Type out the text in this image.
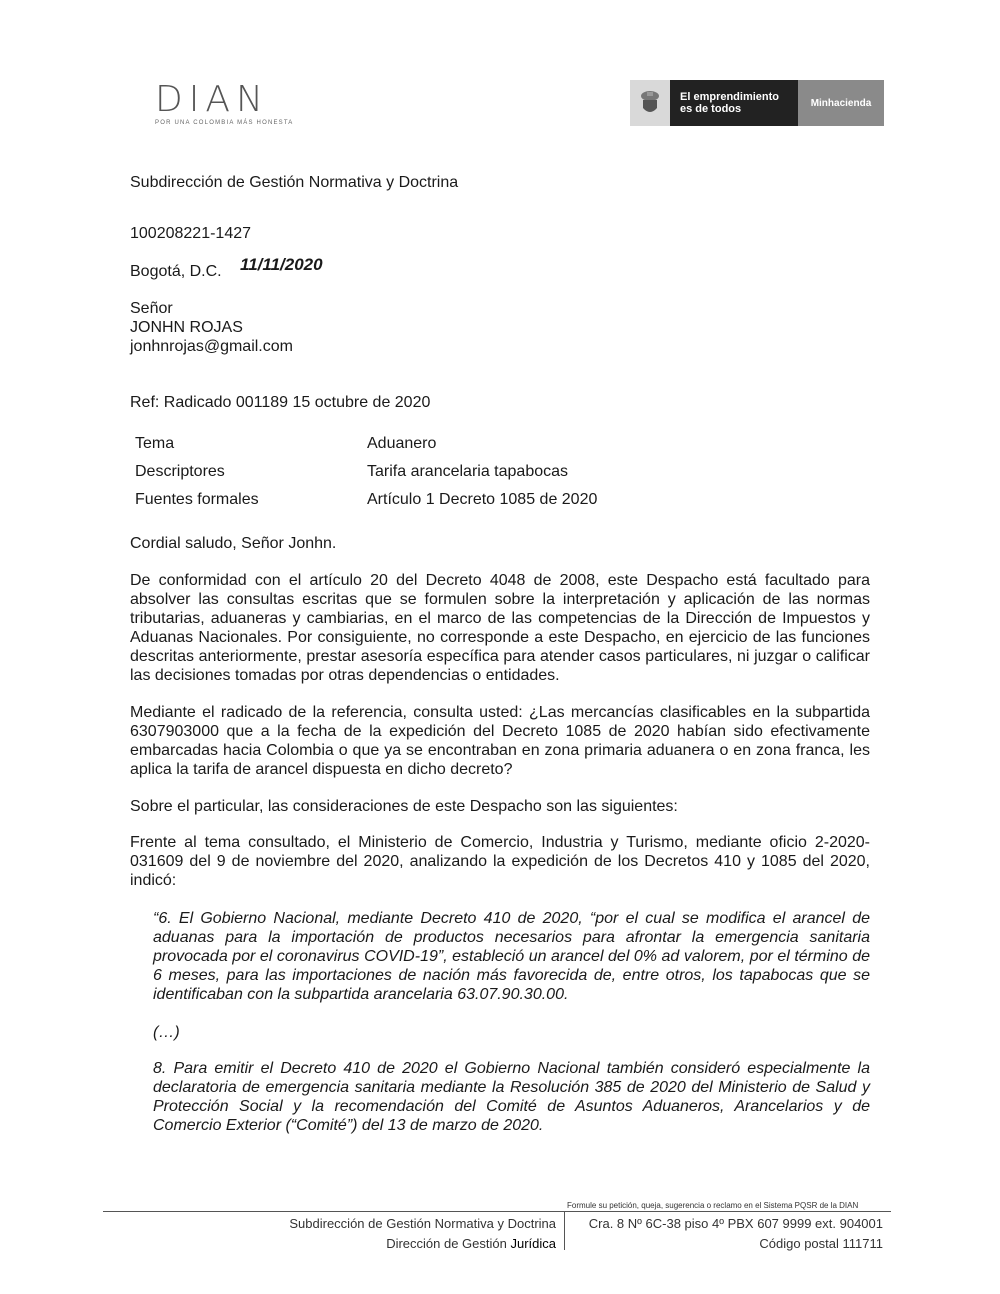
DIAN
POR UNA COLOMBIA MÁS HONESTA
El emprendimiento
es de todos	Minhacienda
Subdirección de Gestión Normativa y Doctrina
100208221-1427
Bogotá, D.C. 11/11/2020
Señor
JONHN ROJAS
jonhnrojas@gmail.com
Ref: Radicado 001189 15 octubre de 2020
Tema	Aduanero
Descriptores	Tarifa arancelaria tapabocas
Fuentes formales	Artículo 1 Decreto 1085 de 2020
Cordial saludo, Señor Jonhn.
De conformidad con el artículo 20 del Decreto 4048 de 2008, este Despacho está facultado para absolver las consultas escritas que se formulen sobre la interpretación y aplicación de las normas tributarias, aduaneras y cambiarias, en el marco de las competencias de la Dirección de Impuestos y Aduanas Nacionales. Por consiguiente, no corresponde a este Despacho, en ejercicio de las funciones descritas anteriormente, prestar asesoría específica para atender casos particulares, ni juzgar o calificar las decisiones tomadas por otras dependencias o entidades.
Mediante el radicado de la referencia, consulta usted: ¿Las mercancías clasificables en la subpartida 6307903000 que a la fecha de la expedición del Decreto 1085 de 2020 habían sido efectivamente embarcadas hacia Colombia o que ya se encontraban en zona primaria aduanera o en zona franca, les aplica la tarifa de arancel dispuesta en dicho decreto?
Sobre el particular, las consideraciones de este Despacho son las siguientes:
Frente al tema consultado, el Ministerio de Comercio, Industria y Turismo, mediante oficio 2-2020-031609 del 9 de noviembre del 2020, analizando la expedición de los Decretos 410 y 1085 del 2020, indicó:
“6. El Gobierno Nacional, mediante Decreto 410 de 2020, “por el cual se modifica el arancel de aduanas para la importación de productos necesarios para afrontar la emergencia sanitaria provocada por el coronavirus COVID-19”, estableció un arancel del 0% ad valorem, por el término de 6 meses, para las importaciones de nación más favorecida de, entre otros, los tapabocas que se identificaban con la subpartida arancelaria 63.07.90.30.00.
(…)
8. Para emitir el Decreto 410 de 2020 el Gobierno Nacional también consideró especialmente la declaratoria de emergencia sanitaria mediante la Resolución 385 de 2020 del Ministerio de Salud y Protección Social y la recomendación del Comité de Asuntos Aduaneros, Arancelarios y de Comercio Exterior (“Comité”) del 13 de marzo de 2020.
Formule su petición, queja, sugerencia o reclamo en el Sistema PQSR de la DIAN
Subdirección de Gestión Normativa y Doctrina
Dirección de Gestión Jurídica
Cra. 8 Nº 6C-38 piso 4º PBX 607 9999 ext. 904001
Código postal 111711
